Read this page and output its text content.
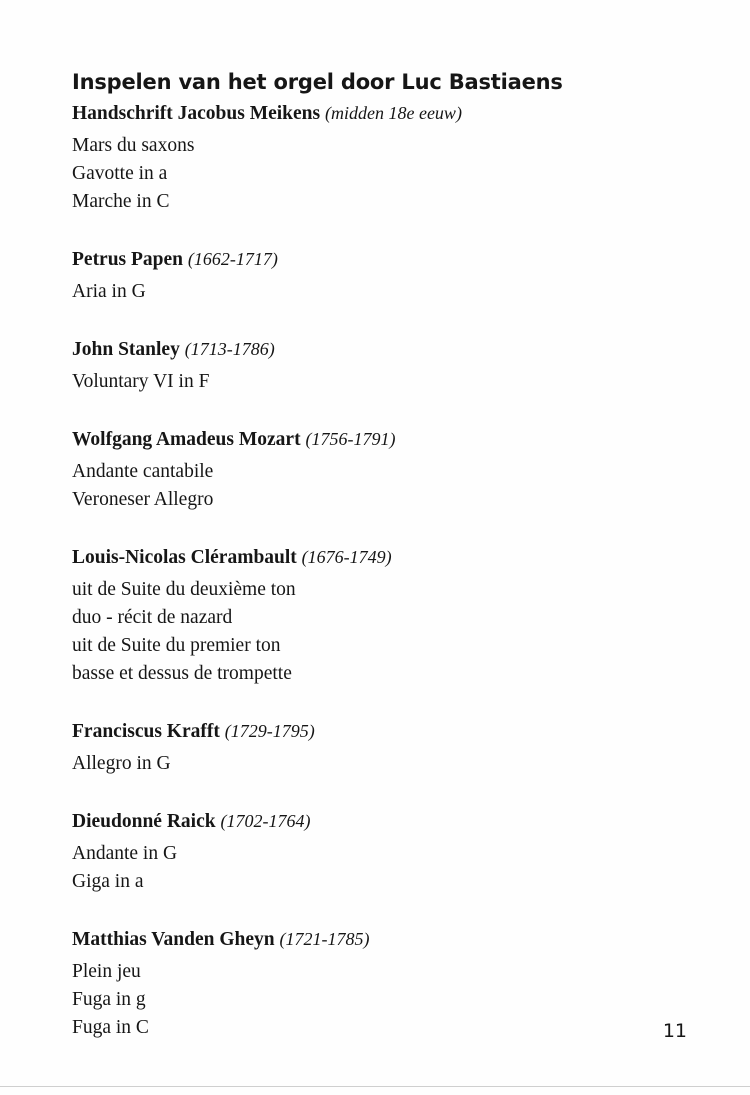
Inspelen van het orgel door Luc Bastiaens
Handschrift Jacobus Meikens (midden 18e eeuw)
Mars du saxons
Gavotte in a
Marche in C
Petrus Papen (1662-1717)
Aria in G
John Stanley (1713-1786)
Voluntary VI in F
Wolfgang Amadeus Mozart (1756-1791)
Andante cantabile
Veroneser Allegro
Louis-Nicolas Clérambault (1676-1749)
uit de Suite du deuxième ton
duo - récit de nazard
uit de Suite du premier ton
basse et dessus de trompette
Franciscus Krafft (1729-1795)
Allegro in G
Dieudonné Raick (1702-1764)
Andante in G
Giga in a
Matthias Vanden Gheyn (1721-1785)
Plein jeu
Fuga in g
Fuga in C	11
